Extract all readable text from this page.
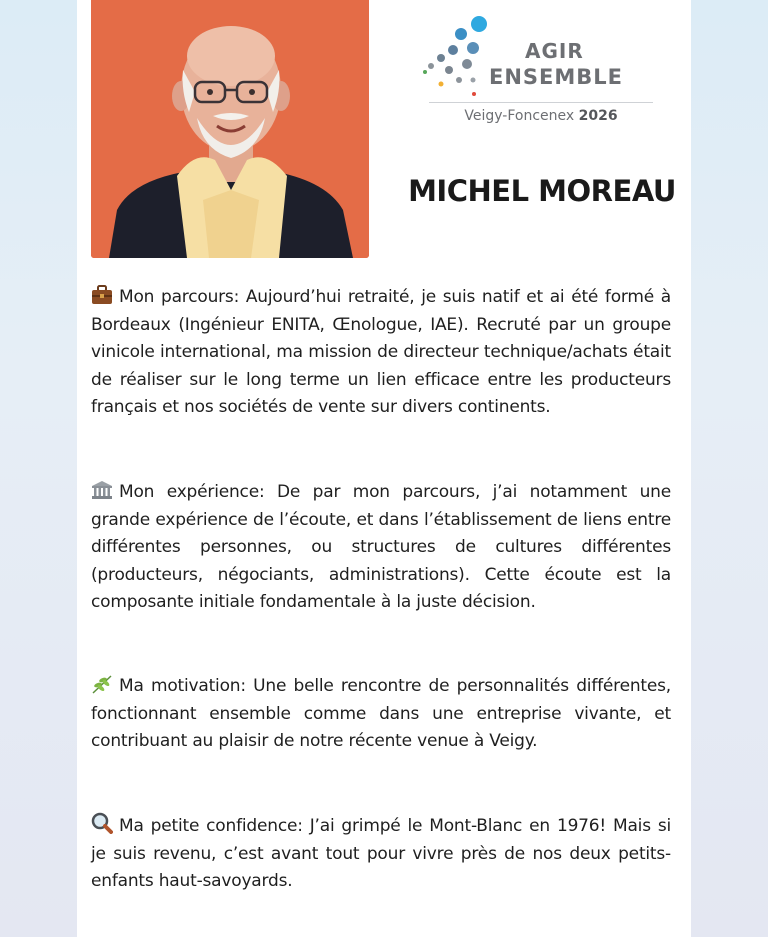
AGIR
ENSEMBLE
Veigy-Foncenex 2026
MICHEL MOREAU
Mon parcours: Aujourd’hui retraité, je suis natif et ai été formé à Bordeaux (Ingénieur ENITA, Œnologue, IAE). Recruté par un groupe vinicole international, ma mission de directeur technique/achats était de réaliser sur le long terme un lien efficace entre les producteurs français et nos sociétés de vente sur divers continents.
Mon expérience: De par mon parcours, j’ai notamment une grande expérience de l’écoute, et dans l’établissement de liens entre différentes personnes, ou structures de cultures différentes (producteurs, négociants, administrations). Cette écoute est la composante initiale fondamentale à la juste décision.
Ma motivation: Une belle rencontre de personnalités différentes, fonctionnant ensemble comme dans une entreprise vivante, et contribuant au plaisir de notre récente venue à Veigy.
Ma petite confidence: J’ai grimpé le Mont-Blanc en 1976! Mais si je suis revenu, c’est avant tout pour vivre près de nos deux petits-enfants haut-savoyards.
